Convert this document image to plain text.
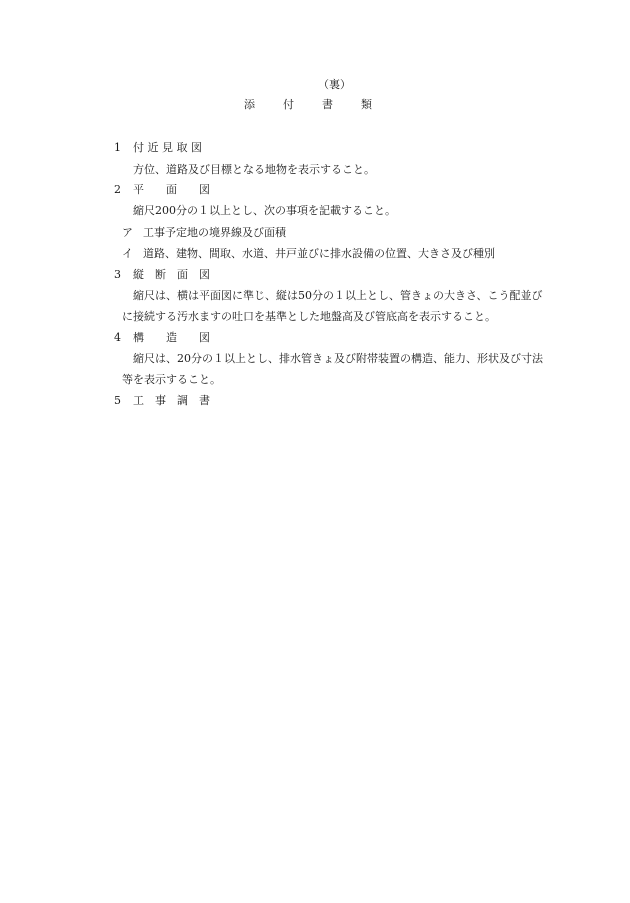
（裏）
添　　付　　書　　類
1 付 近 見 取 図
方位、道路及び目標となる地物を表示すること。
2 平　　面　　図
縮尺200分の１以上とし、次の事項を記載すること。
ア 工事予定地の境界線及び面積
イ 道路、建物、間取、水道、井戸並びに排水設備の位置、大きさ及び種別
3 縦　断　面　図
縮尺は、横は平面図に準じ、縦は50分の１以上とし、管きょの大きさ、こう配並び
に接続する汚水ますの吐口を基準とした地盤高及び管底高を表示すること。
4 構　　造　　図
縮尺は、20分の１以上とし、排水管きょ及び附帯装置の構造、能力、形状及び寸法
等を表示すること。
5 工　事　調　書
